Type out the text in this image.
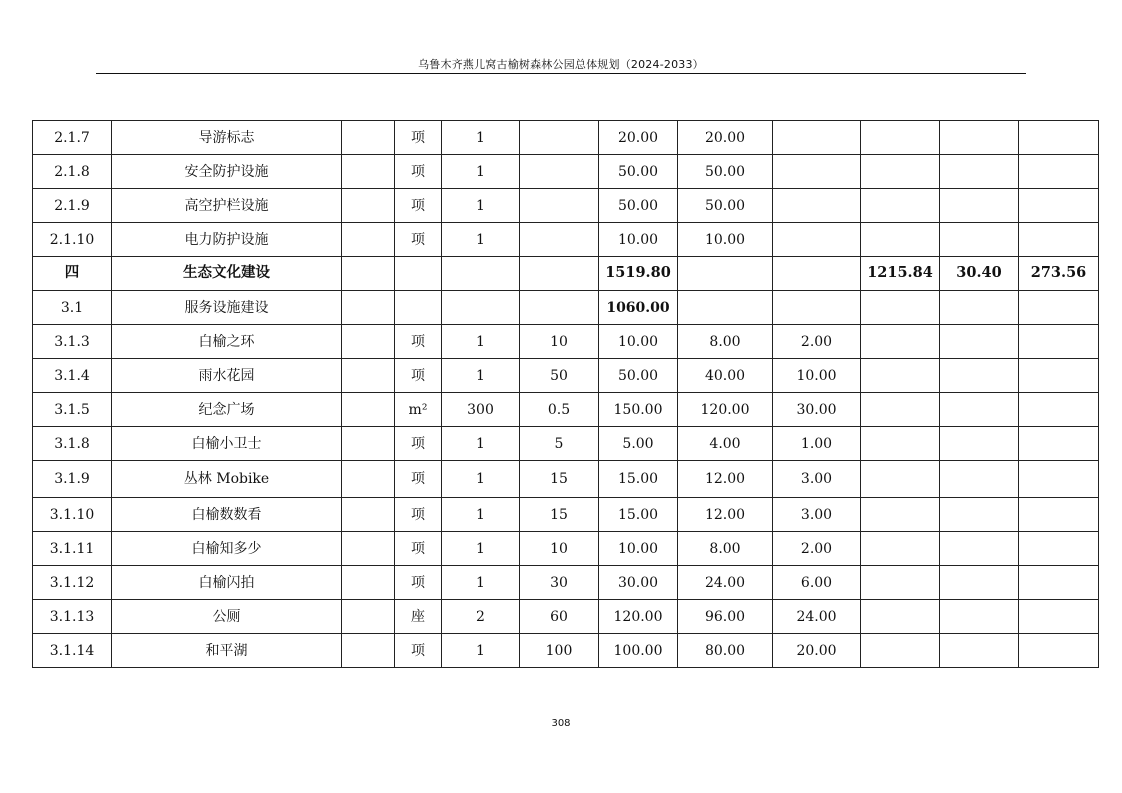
乌鲁木齐燕儿窝古榆树森林公园总体规划（2024-2033）
2.1.7	导游标志		项	1		20.00	20.00				
2.1.8	安全防护设施		项	1		50.00	50.00				
2.1.9	高空护栏设施		项	1		50.00	50.00				
2.1.10	电力防护设施		项	1		10.00	10.00				
四	生态文化建设					1519.80			1215.84	30.40	273.56
3.1	服务设施建设					1060.00					
3.1.3	白榆之环		项	1	10	10.00	8.00	2.00			
3.1.4	雨水花园		项	1	50	50.00	40.00	10.00			
3.1.5	纪念广场		m²	300	0.5	150.00	120.00	30.00			
3.1.8	白榆小卫士		项	1	5	5.00	4.00	1.00			
3.1.9	丛林 Mobike		项	1	15	15.00	12.00	3.00			
3.1.10	白榆数数看		项	1	15	15.00	12.00	3.00			
3.1.11	白榆知多少		项	1	10	10.00	8.00	2.00			
3.1.12	白榆闪拍		项	1	30	30.00	24.00	6.00			
3.1.13	公厕		座	2	60	120.00	96.00	24.00			
3.1.14	和平湖		项	1	100	100.00	80.00	20.00			
308
